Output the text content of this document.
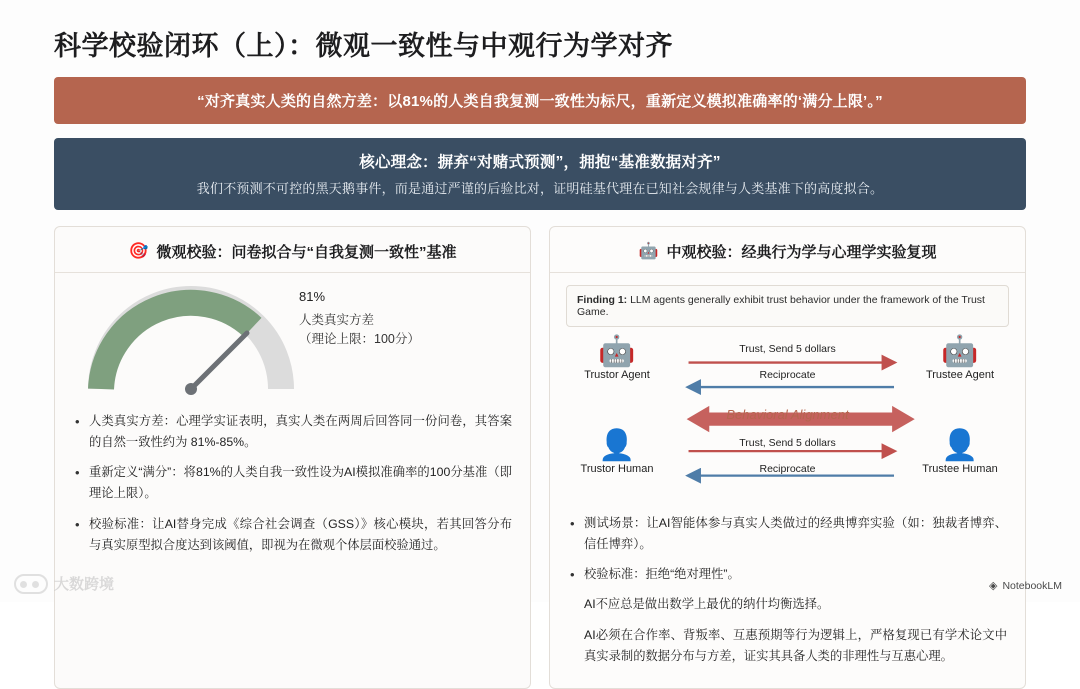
科学校验闭环（上）：微观一致性与中观行为学对齐
“对齐真实人类的自然方差：以81%的人类自我复测一致性为标尺，重新定义模拟准确率的‘满分上限’。”
核心理念：摒弃“对赌式预测”，拥抱“基准数据对齐”
我们不预测不可控的黑天鹅事件，而是通过严谨的后验比对，证明硅基代理在已知社会规律与人类基准下的高度拟合。
🎯 微观校验：问卷拟合与“自我复测一致性”基准
81%
人类真实方差
（理论上限：100分）
• 人类真实方差：心理学实证表明，真实人类在两周后回答同一份问卷，其答案的自然一致性约为 81%-85%。
• 重新定义“满分”：将81%的人类自我一致性设为AI模拟准确率的100分基准（即理论上限）。
• 校验标准：让AI替身完成《综合社会调查（GSS）》核心模块，若其回答分布与真实原型拟合度达到该阈值，即视为在微观个体层面校验通过。
🤖 中观校验：经典行为学与心理学实验复现
Finding 1: LLM agents generally exhibit trust behavior under the framework of the Trust Game.
🤖
Trustor Agent
🤖
Trustee Agent
👤
Trustor Human
👤
Trustee Human
Trust, Send 5 dollars
Reciprocate
Behavioral Alignment
Trust, Send 5 dollars
Reciprocate
• 测试场景：让AI智能体参与真实人类做过的经典博弈实验（如：独裁者博弈、信任博弈）。
• 校验标准：拒绝“绝对理性”。
AI不应总是做出数学上最优的纳什均衡选择。
AI必须在合作率、背叛率、互惠预期等行为逻辑上，严格复现已有学术论文中真实录制的数据分布与方差，证实其具备人类的非理性与互惠心理。
大数跨境	◈ NotebookLM
